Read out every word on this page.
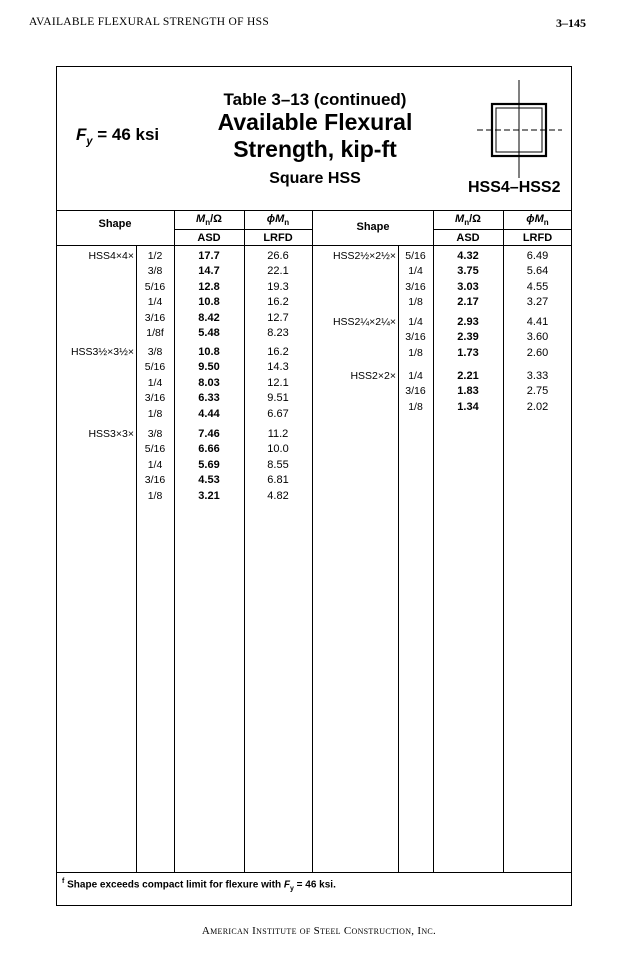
AVAILABLE FLEXURAL STRENGTH OF HSS	3–145
$F_y = 46$ ksi
Table 3–13 (continued)
Available Flexural
Strength, kip-ft
Square HSS
HSS4–HSS2
Shape	$M_n/\Omega$	$\phi M_n$
ASD	LRFD
Shape
$M_n/\Omega$	$\phi M_n$
ASD	LRFD
HSS4×4×	1/2	17.7	26.6
3/8	14.7	22.1
5/16	12.8	19.3
1/4	10.8	16.2
3/16	8.42	12.7
1/8f	5.48	8.23
HSS3½×3½×	3/8	10.8	16.2
5/16	9.50	14.3
1/4	8.03	12.1
3/16	6.33	9.51
1/8	4.44	6.67
HSS3×3×	3/8	7.46	11.2
5/16	6.66	10.0
1/4	5.69	8.55
3/16	4.53	6.81
1/8	3.21	4.82
HSS2½×2½× 5/16	4.32	6.49
1/4	3.75	5.64
3/16	3.03	4.55
1/8	2.17	3.27
HSS2¼×2¼×	1/4	2.93	4.41
3/16	2.39	3.60
1/8	1.73	2.60
HSS2×2×	1/4	2.21	3.33
3/16	1.83	2.75
1/8	1.34	2.02
$^f$ Shape exceeds compact limit for flexure with $F_y = 46$ ksi.
American Institute of Steel Construction, Inc.
